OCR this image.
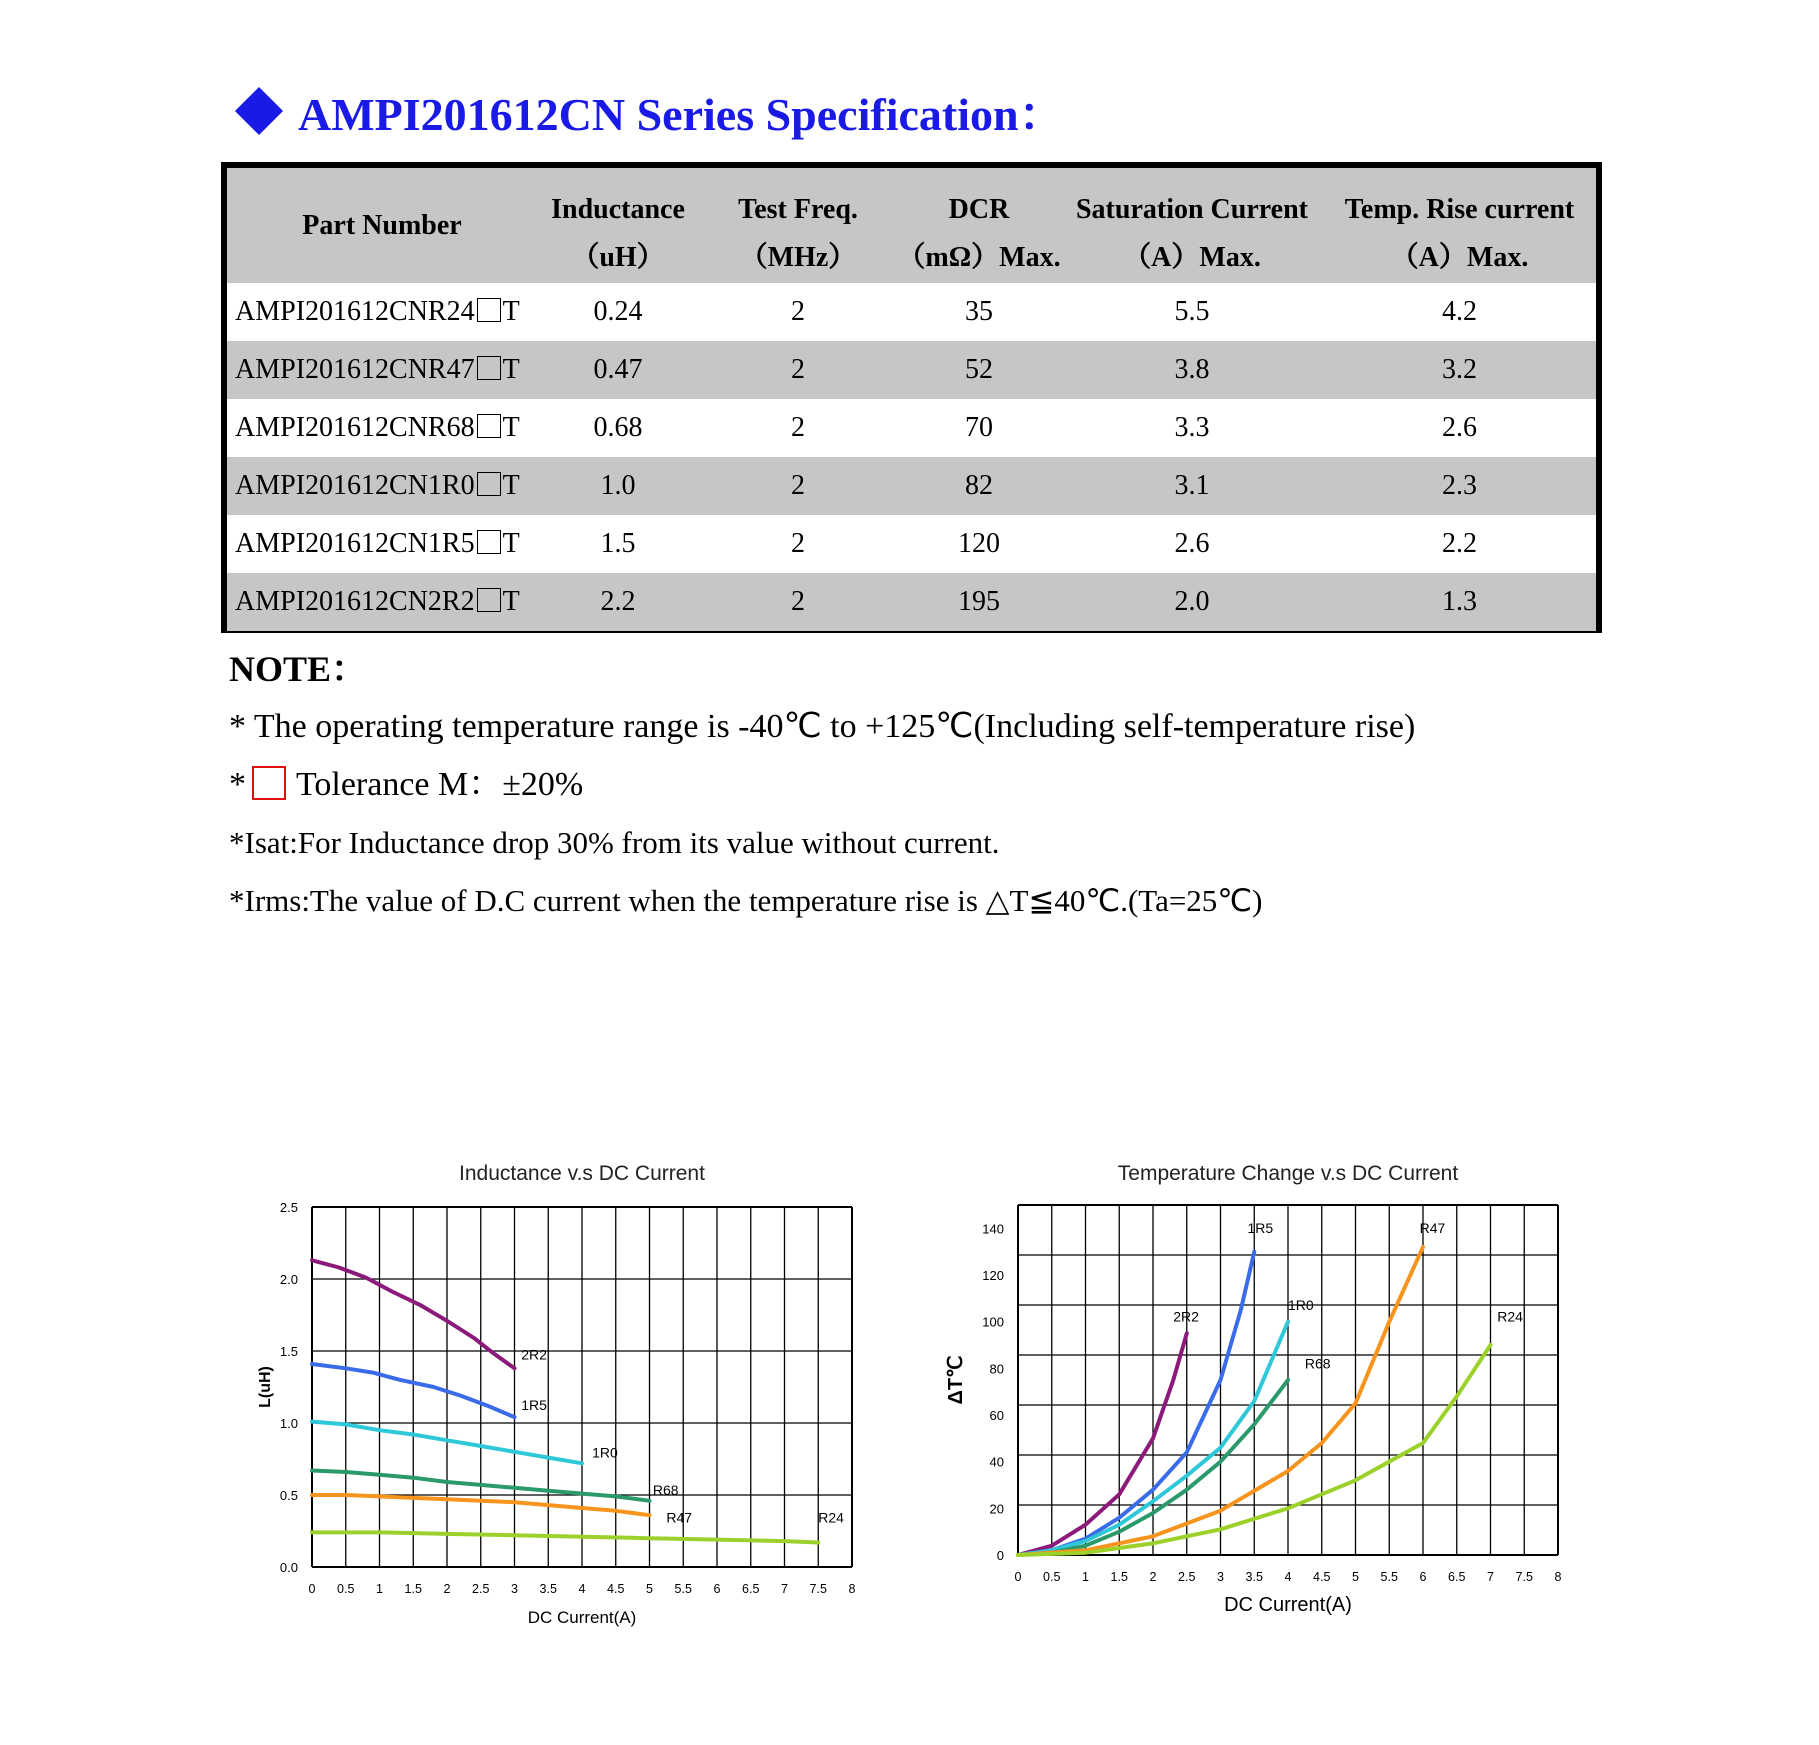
AMPI201612CN Series Specification：
Part Number	Inductance	Test Freq.	DCR	Saturation Current	Temp. Rise current
	（uH）	（MHz）	（mΩ）Max.	（A）Max.	（A）Max.
AMPI201612CNR24 T	0.24	2	35	5.5	4.2
AMPI201612CNR47 T	0.47	2	52	3.8	3.2
AMPI201612CNR68 T	0.68	2	70	3.3	2.6
AMPI201612CN1R0 T	1.0	2	82	3.1	2.3
AMPI201612CN1R5 T	1.5	2	120	2.6	2.2
AMPI201612CN2R2 T	2.2	2	195	2.0	1.3
NOTE：
* The operating temperature range is -40℃ to +125℃(Including self-temperature rise)
* Tolerance M：±20%
*Isat:For Inductance drop 30% from its value without current.
*Irms:The value of D.C current when the temperature rise is △T≦40℃.(Ta=25℃)
Inductance v.s DC Current
0 0.5 1 1.5 2 2.5 3 3.5 4 4.5 5 5.5 6 6.5 7 7.5 8
0.0
0.5
1.0
1.5
2.0
2.5
DC Current(A)
L(uH)
2R2
1R5
1R0
R68
R47	R24
Temperature Change v.s DC Current
0 0.5 1 1.5 2 2.5 3 3.5 4 4.5 5 5.5 6 6.5 7 7.5 8
0
20
40
60
80
100
120
140
DC Current(A)
ΔT℃
2R2
1R5
1R0
R68
R47
R24
